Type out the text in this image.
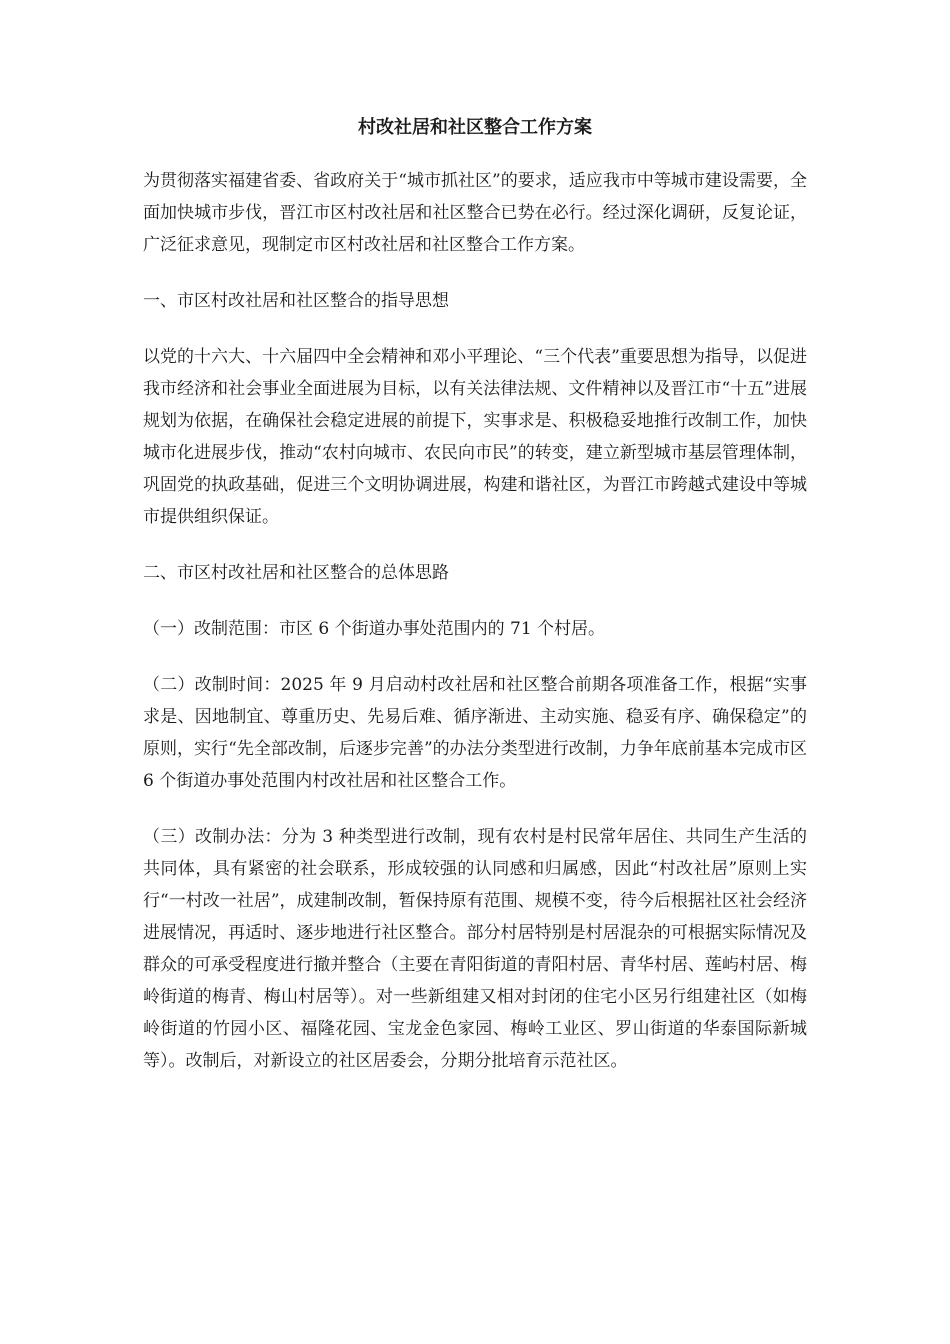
村改社居和社区整合工作方案

为贯彻落实福建省委、省政府关于“城市抓社区”的要求，适应我市中等城市建设需要，全面加快城市步伐，晋江市区村改社居和社区整合已势在必行。经过深化调研，反复论证，广泛征求意见，现制定市区村改社居和社区整合工作方案。

一、市区村改社居和社区整合的指导思想

以党的十六大、十六届四中全会精神和邓小平理论、“三个代表”重要思想为指导，以促进我市经济和社会事业全面进展为目标，以有关法律法规、文件精神以及晋江市“十五”进展规划为依据，在确保社会稳定进展的前提下，实事求是、积极稳妥地推行改制工作，加快城市化进展步伐，推动“农村向城市、农民向市民”的转变，建立新型城市基层管理体制，巩固党的执政基础，促进三个文明协调进展，构建和谐社区，为晋江市跨越式建设中等城市提供组织保证。

二、市区村改社居和社区整合的总体思路

（一）改制范围：市区 6 个街道办事处范围内的 71 个村居。

（二）改制时间：2025 年 9 月启动村改社居和社区整合前期各项准备工作，根据“实事求是、因地制宜、尊重历史、先易后难、循序渐进、主动实施、稳妥有序、确保稳定”的原则，实行“先全部改制，后逐步完善”的办法分类型进行改制，力争年底前基本完成市区 6 个街道办事处范围内村改社居和社区整合工作。

（三）改制办法：分为 3 种类型进行改制，现有农村是村民常年居住、共同生产生活的共同体，具有紧密的社会联系，形成较强的认同感和归属感，因此“村改社居”原则上实行“一村改一社居”，成建制改制，暂保持原有范围、规模不变，待今后根据社区社会经济进展情况，再适时、逐步地进行社区整合。部分村居特别是村居混杂的可根据实际情况及群众的可承受程度进行撤并整合（主要在青阳街道的青阳村居、青华村居、莲屿村居、梅岭街道的梅青、梅山村居等）。对一些新组建又相对封闭的住宅小区另行组建社区（如梅岭街道的竹园小区、福隆花园、宝龙金色家园、梅岭工业区、罗山街道的华泰国际新城等）。改制后，对新设立的社区居委会，分期分批培育示范社区。
